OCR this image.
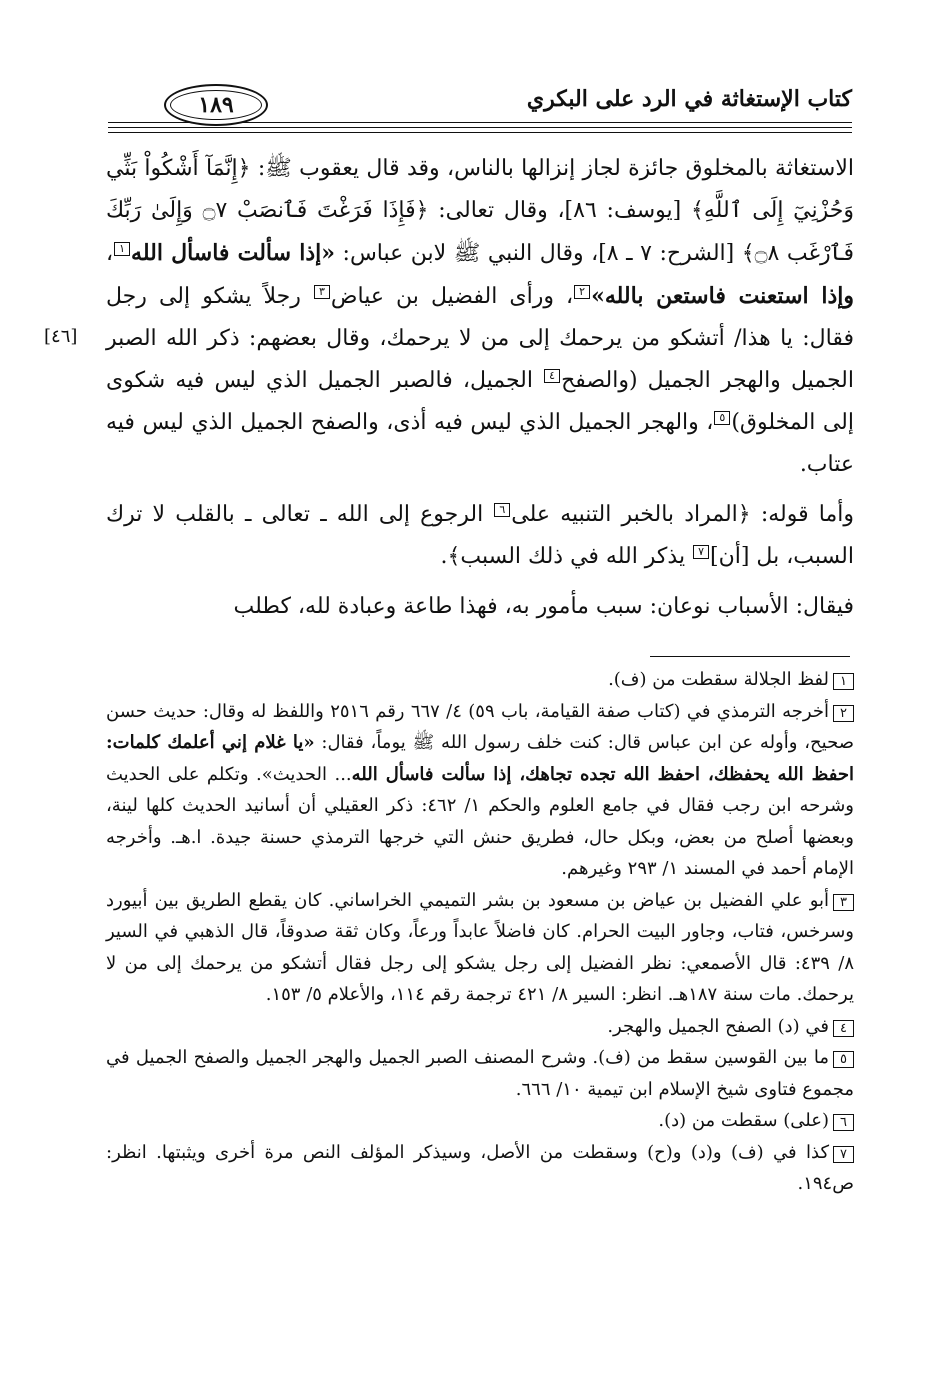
كتاب الإستغاثة في الرد على البكري
١٨٩
[٤٦]

الاستغاثة بالمخلوق جائزة لجاز إنزالها بالناس، وقد قال يعقوب ﷺ: ﴿إِنَّمَآ أَشْكُواْ بَثِّي وَحُزْنِيٓ إِلَى ٱللَّهِ﴾ [يوسف: ٨٦]، وقال تعالى: ﴿فَإِذَا فَرَغْتَ فَٱنصَبْ ۝٧ وَإِلَىٰ رَبِّكَ فَٱرْغَب ۝٨﴾ [الشرح: ٧ ـ ٨]، وقال النبي ﷺ لابن عباس: «إذا سألت فاسأل الله١، وإذا استعنت فاستعن بالله»٢، ورأى الفضيل بن عياض٣ رجلاً يشكو إلى رجل فقال: يا هذا/ أتشكو من يرحمك إلى من لا يرحمك، وقال بعضهم: ذكر الله الصبر الجميل والهجر الجميل (والصفح٤ الجميل، فالصبر الجميل الذي ليس فيه شكوى إلى المخلوق)٥، والهجر الجميل الذي ليس فيه أذى، والصفح الجميل الذي ليس فيه عتاب.

وأما قوله: ﴿المراد بالخبر التنبيه على٦ الرجوع إلى الله ـ تعالى ـ بالقلب لا ترك السبب، بل [أن]٧ يذكر الله في ذلك السبب﴾.

فيقال: الأسباب نوعان: سبب مأمور به، فهذا طاعة وعبادة لله، كطلب

١لفظ الجلالة سقطت من (ف).

٢أخرجه الترمذي في (كتاب صفة القيامة، باب ٥٩) ٤/ ٦٦٧ رقم ٢٥١٦ واللفظ له وقال: حديث حسن صحيح، وأوله عن ابن عباس قال: كنت خلف رسول الله ﷺ يوماً، فقال: «يا غلام إني أعلمك كلمات: احفظ الله يحفظك، احفظ الله تجده تجاهك، إذا سألت فاسأل الله... الحديث». وتكلم على الحديث وشرحه ابن رجب فقال في جامع العلوم والحكم ١/ ٤٦٢: ذكر العقيلي أن أسانيد الحديث كلها لينة، وبعضها أصلح من بعض، وبكل حال، فطريق حنش التي خرجها الترمذي حسنة جيدة. ا.هـ. وأخرجه الإمام أحمد في المسند ١/ ٢٩٣ وغيرهم.

٣أبو علي الفضيل بن عياض بن مسعود بن بشر التميمي الخراساني. كان يقطع الطريق بين أبيورد وسرخس، فتاب، وجاور البيت الحرام. كان فاضلاً عابداً ورعاً، وكان ثقة صدوقاً، قال الذهبي في السير ٨/ ٤٣٩: قال الأصمعي: نظر الفضيل إلى رجل يشكو إلى رجل فقال أتشكو من يرحمك إلى من لا يرحمك. مات سنة ١٨٧هـ. انظر: السير ٨/ ٤٢١ ترجمة رقم ١١٤، والأعلام ٥/ ١٥٣.

٤في (د) الصفح الجميل والهجر.

٥ما بين القوسين سقط من (ف). وشرح المصنف الصبر الجميل والهجر الجميل والصفح الجميل في مجموع فتاوى شيخ الإسلام ابن تيمية ١٠/ ٦٦٦.

٦(على) سقطت من (د).

٧كذا في (ف) و(د) و(ح) وسقطت من الأصل، وسيذكر المؤلف النص مرة أخرى ويثبتها. انظر: ص١٩٤.
